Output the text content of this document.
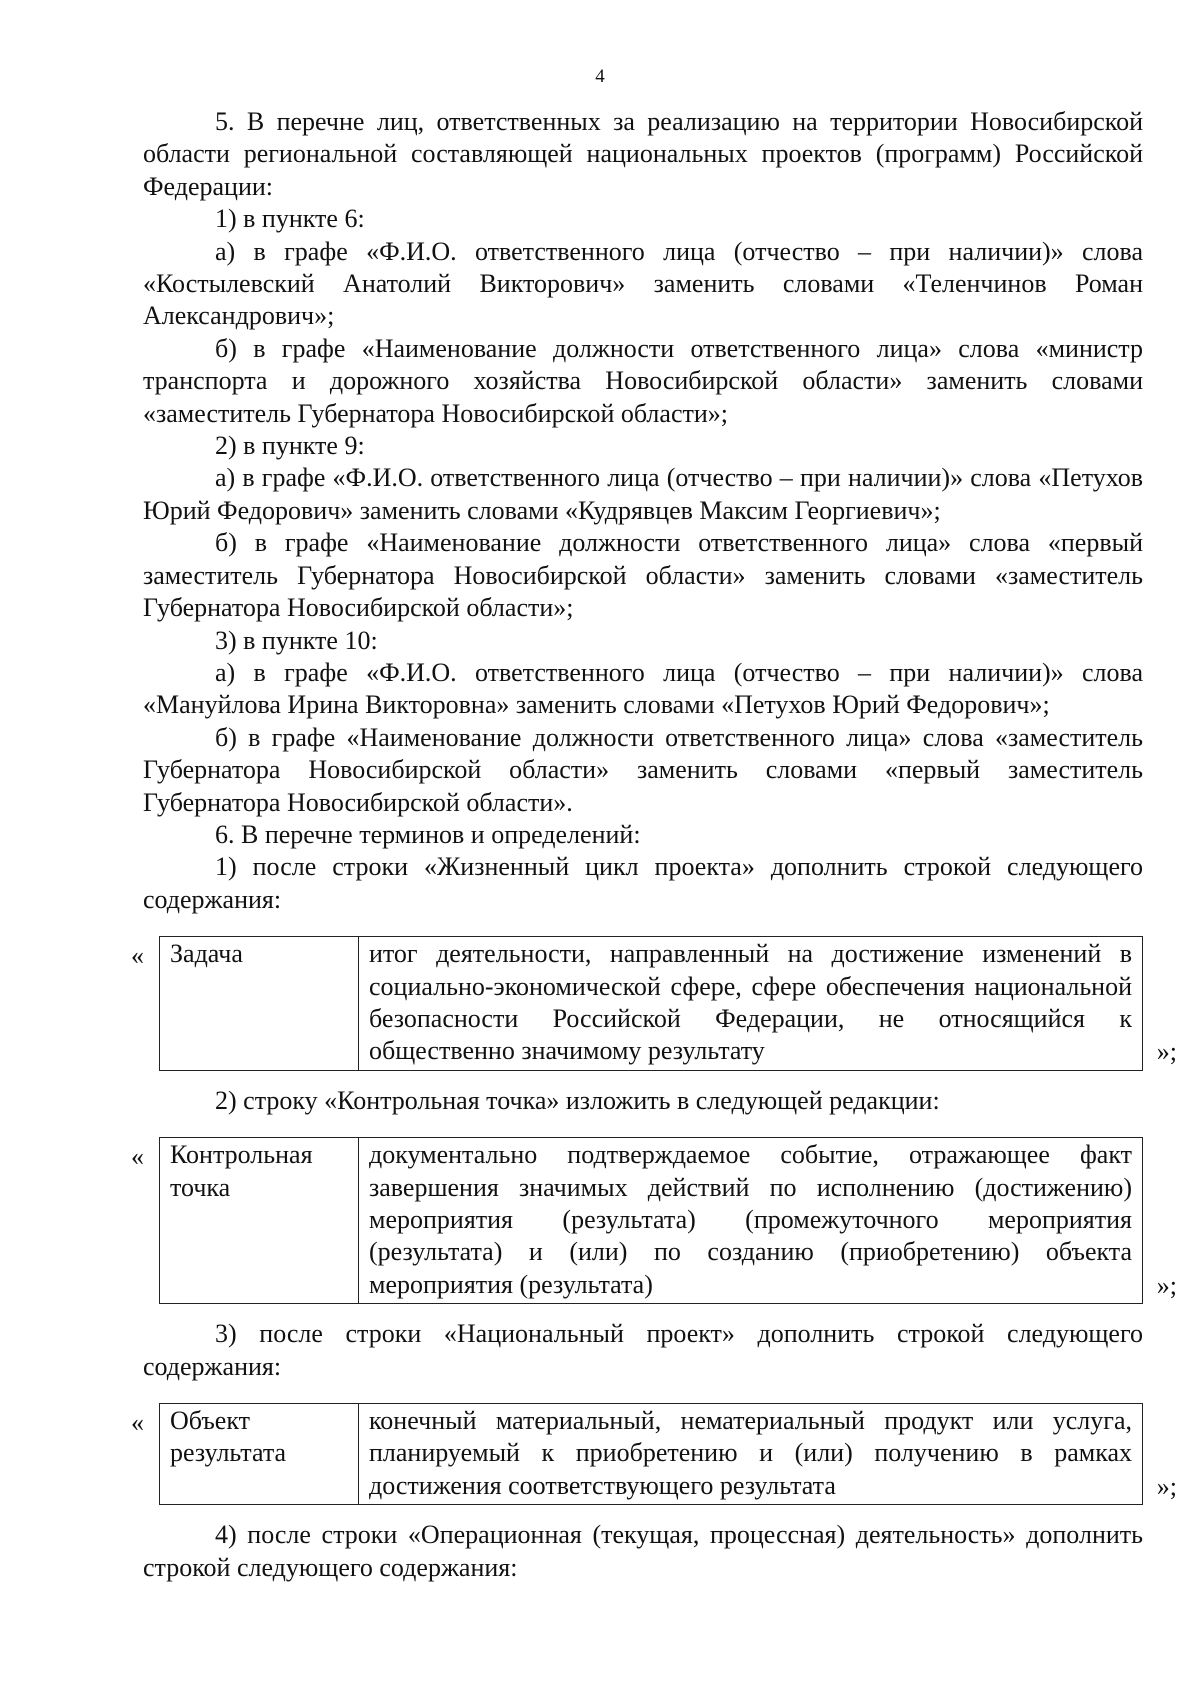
4

5. В перечне лиц, ответственных за реализацию на территории Новосибирской области региональной составляющей национальных проектов (программ) Российской Федерации:

1) в пункте 6:

а) в графе «Ф.И.О. ответственного лица (отчество – при наличии)» слова «Костылевский Анатолий Викторович» заменить словами «Теленчинов Роман Александрович»;

б) в графе «Наименование должности ответственного лица» слова «министр транспорта и дорожного хозяйства Новосибирской области» заменить словами «заместитель Губернатора Новосибирской области»;

2) в пункте 9:

а) в графе «Ф.И.О. ответственного лица (отчество – при наличии)» слова «Петухов Юрий Федорович» заменить словами «Кудрявцев Максим Георгиевич»;

б) в графе «Наименование должности ответственного лица» слова «первый заместитель Губернатора Новосибирской области» заменить словами «заместитель Губернатора Новосибирской области»;

3) в пункте 10:

а) в графе «Ф.И.О. ответственного лица (отчество – при наличии)» слова «Мануйлова Ирина Викторовна» заменить словами «Петухов Юрий Федорович»;

б) в графе «Наименование должности ответственного лица» слова «заместитель Губернатора Новосибирской области» заменить словами «первый заместитель Губернатора Новосибирской области».

6. В перечне терминов и определений:

1) после строки «Жизненный цикл проекта» дополнить строкой следующего содержания:

« Задача	итог деятельности, направленный на достижение изменений в социально-экономической сфере, сфере обеспечения национальной безопасности Российской Федерации, не относящийся к общественно значимому результату	»;

2) строку «Контрольная точка» изложить в следующей редакции:

« Контрольная точка	документально подтверждаемое событие, отражающее факт завершения значимых действий по исполнению (достижению) мероприятия (результата) (промежуточного мероприятия (результата) и (или) по созданию (приобретению) объекта мероприятия (результата)	»;

3) после строки «Национальный проект» дополнить строкой следующего содержания:

« Объект результата	конечный материальный, нематериальный продукт или услуга, планируемый к приобретению и (или) получению в рамках достижения соответствующего результата	»;

4) после строки «Операционная (текущая, процессная) деятельность» дополнить строкой следующего содержания:
